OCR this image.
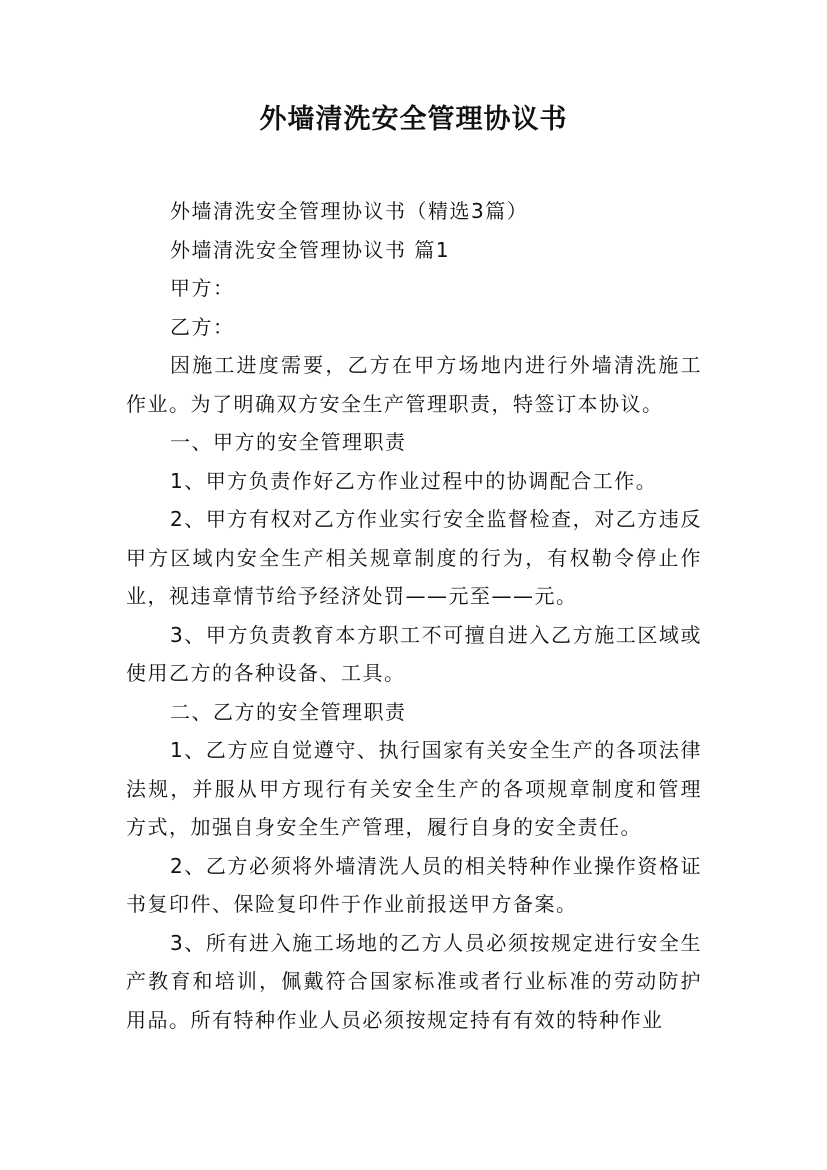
外墙清洗安全管理协议书

外墙清洗安全管理协议书（精选3篇）

外墙清洗安全管理协议书 篇1

甲方：

乙方：

因施工进度需要，乙方在甲方场地内进行外墙清洗施工作业。为了明确双方安全生产管理职责，特签订本协议。

一、甲方的安全管理职责

1、甲方负责作好乙方作业过程中的协调配合工作。

2、甲方有权对乙方作业实行安全监督检查，对乙方违反甲方区域内安全生产相关规章制度的行为，有权勒令停止作业，视违章情节给予经济处罚——元至——元。

3、甲方负责教育本方职工不可擅自进入乙方施工区域或使用乙方的各种设备、工具。

二、乙方的安全管理职责

1、乙方应自觉遵守、执行国家有关安全生产的各项法律法规，并服从甲方现行有关安全生产的各项规章制度和管理方式，加强自身安全生产管理，履行自身的安全责任。

2、乙方必须将外墙清洗人员的相关特种作业操作资格证书复印件、保险复印件于作业前报送甲方备案。

3、所有进入施工场地的乙方人员必须按规定进行安全生产教育和培训，佩戴符合国家标准或者行业标准的劳动防护用品。所有特种作业人员必须按规定持有有效的特种作业
